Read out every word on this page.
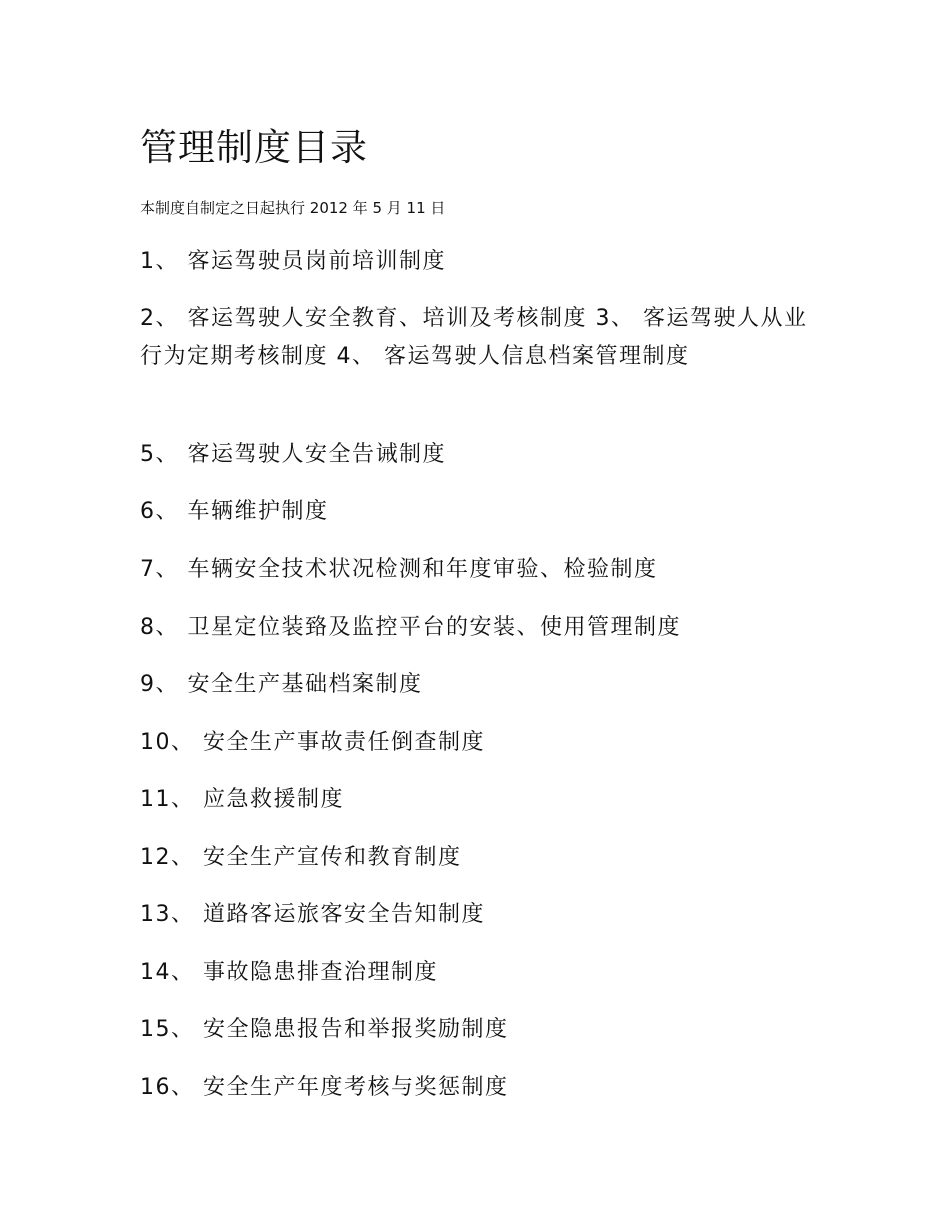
管理制度目录
本制度自制定之日起执行 2012 年 5 月 11 日
1、 客运驾驶员岗前培训制度
2、 客运驾驶人安全教育、培训及考核制度 3、 客运驾驶人从业行为定期考核制度 4、 客运驾驶人信息档案管理制度
5、 客运驾驶人安全告诫制度
6、 车辆维护制度
7、 车辆安全技术状况检测和年度审验、检验制度
8、 卫星定位装臵及监控平台的安装、使用管理制度
9、 安全生产基础档案制度
10、 安全生产事故责任倒查制度
11、 应急救援制度
12、 安全生产宣传和教育制度
13、 道路客运旅客安全告知制度
14、 事故隐患排查治理制度
15、 安全隐患报告和举报奖励制度
16、 安全生产年度考核与奖惩制度
